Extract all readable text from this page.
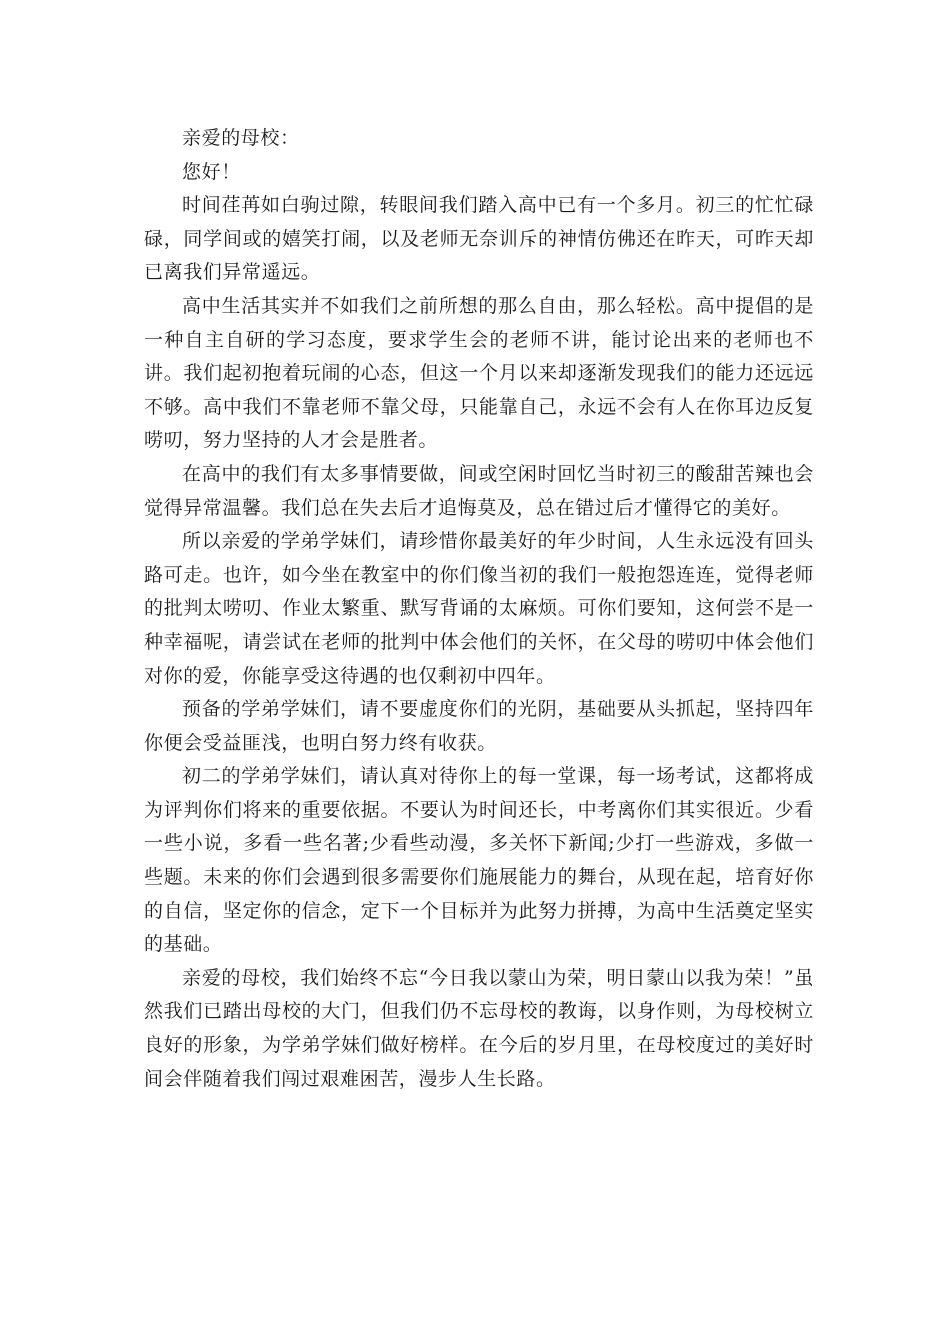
亲爱的母校：

您好！

时间荏苒如白驹过隙，转眼间我们踏入高中已有一个多月。初三的忙忙碌碌，同学间或的嬉笑打闹，以及老师无奈训斥的神情仿佛还在昨天，可昨天却已离我们异常遥远。

高中生活其实并不如我们之前所想的那么自由，那么轻松。高中提倡的是一种自主自研的学习态度，要求学生会的老师不讲，能讨论出来的老师也不讲。我们起初抱着玩闹的心态，但这一个月以来却逐渐发现我们的能力还远远不够。高中我们不靠老师不靠父母，只能靠自己，永远不会有人在你耳边反复唠叨，努力坚持的人才会是胜者。

在高中的我们有太多事情要做，间或空闲时回忆当时初三的酸甜苦辣也会觉得异常温馨。我们总在失去后才追悔莫及，总在错过后才懂得它的美好。

所以亲爱的学弟学妹们，请珍惜你最美好的年少时间，人生永远没有回头路可走。也许，如今坐在教室中的你们像当初的我们一般抱怨连连，觉得老师的批判太唠叨、作业太繁重、默写背诵的太麻烦。可你们要知，这何尝不是一种幸福呢，请尝试在老师的批判中体会他们的关怀，在父母的唠叨中体会他们对你的爱，你能享受这待遇的也仅剩初中四年。

预备的学弟学妹们，请不要虚度你们的光阴，基础要从头抓起，坚持四年你便会受益匪浅，也明白努力终有收获。

初二的学弟学妹们，请认真对待你上的每一堂课，每一场考试，这都将成为评判你们将来的重要依据。不要认为时间还长，中考离你们其实很近。少看一些小说，多看一些名著;少看些动漫，多关怀下新闻;少打一些游戏，多做一些题。未来的你们会遇到很多需要你们施展能力的舞台，从现在起，培育好你的自信，坚定你的信念，定下一个目标并为此努力拼搏，为高中生活奠定坚实的基础。

亲爱的母校，我们始终不忘“今日我以蒙山为荣，明日蒙山以我为荣！”虽然我们已踏出母校的大门，但我们仍不忘母校的教诲，以身作则，为母校树立良好的形象，为学弟学妹们做好榜样。在今后的岁月里，在母校度过的美好时间会伴随着我们闯过艰难困苦，漫步人生长路。
